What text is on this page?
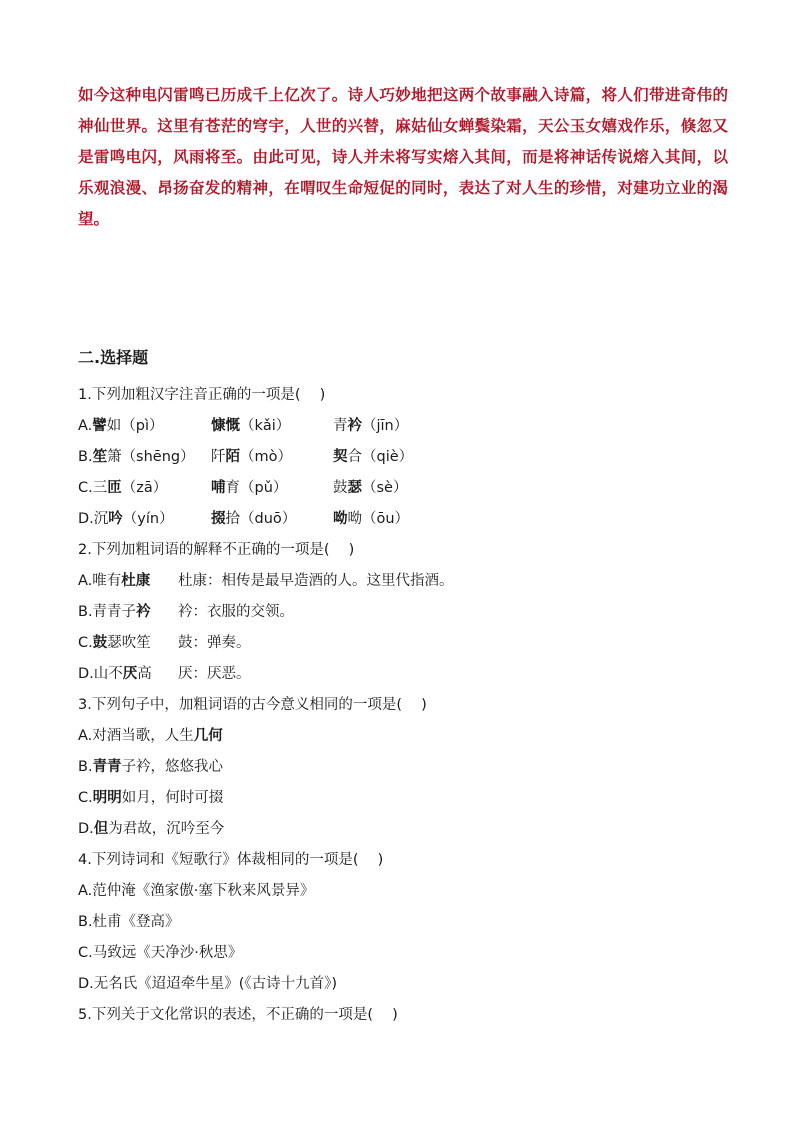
如今这种电闪雷鸣已历成千上亿次了。诗人巧妙地把这两个故事融入诗篇，将人们带进奇伟的神仙世界。这里有苍茫的穹宇，人世的兴替，麻姑仙女蝉鬓染霜，天公玉女嬉戏作乐，倏忽又是雷鸣电闪，风雨将至。由此可见，诗人并未将写实熔入其间，而是将神话传说熔入其间，以乐观浪漫、昂扬奋发的精神，在喟叹生命短促的同时，表达了对人生的珍惜，对建功立业的渴望。

二.选择题
1.下列加粗汉字注音正确的一项是(　 )
A.譬如（pì）	慷慨（kǎi）	青衿（jīn）
B.笙箫（shēng） 阡陌（mò）	契合（qiè）
C.三匝（zā）	哺育（pǔ）	鼓瑟（sè）
D.沉吟（yín）	掇拾（duō）	呦呦（ōu）
2.下列加粗词语的解释不正确的一项是(　 )
A.唯有杜康 杜康：相传是最早造酒的人。这里代指酒。
B.青青子衿 衿：衣服的交领。
C.鼓瑟吹笙 鼓：弹奏。
D.山不厌高 厌：厌恶。
3.下列句子中，加粗词语的古今意义相同的一项是(　 )
A.对酒当歌，人生几何
B.青青子衿，悠悠我心
C.明明如月，何时可掇
D.但为君故，沉吟至今
4.下列诗词和《短歌行》体裁相同的一项是(　 )
A.范仲淹《渔家傲·塞下秋来风景异》
B.杜甫《登高》
C.马致远《天净沙·秋思》
D.无名氏《迢迢牵牛星》(《古诗十九首》)
5.下列关于文化常识的表述，不正确的一项是(　 )
